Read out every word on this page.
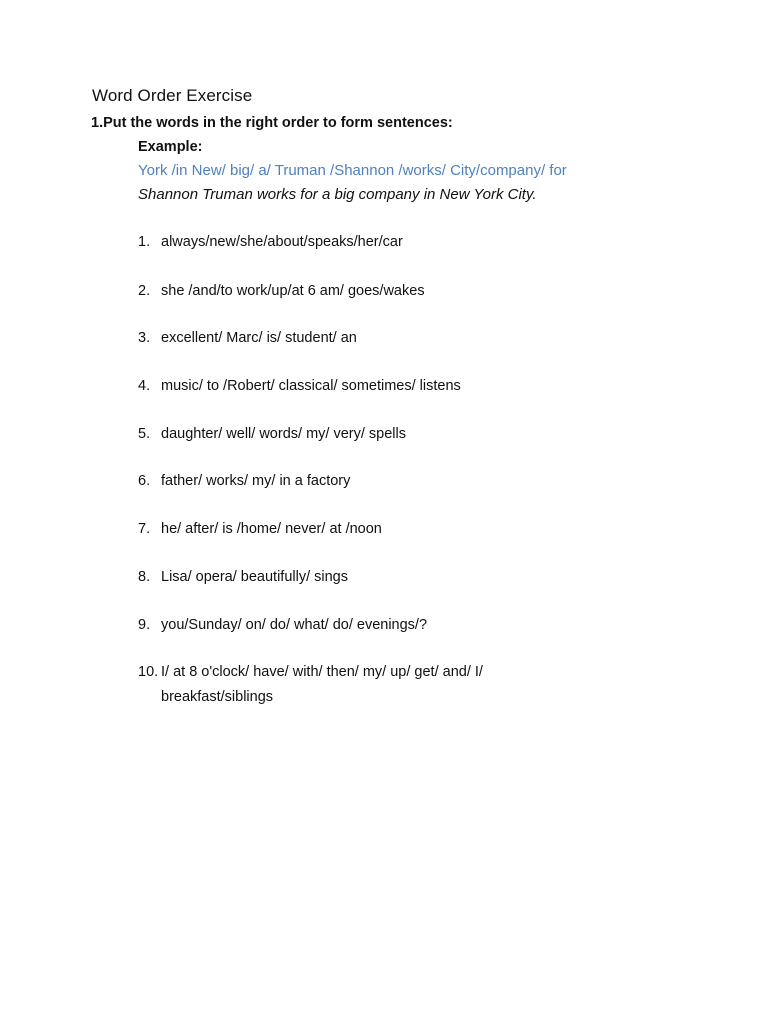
Word Order Exercise

1.Put the words in the right order to form sentences:

Example:

York /in New/ big/ a/ Truman /Shannon /works/ City/company/ for

Shannon Truman works for a big company in New York City.

1. always/new/she/about/speaks/her/car
2. she /and/to work/up/at 6 am/ goes/wakes
3. excellent/ Marc/ is/ student/ an
4. music/ to /Robert/ classical/ sometimes/ listens
5. daughter/ well/ words/ my/ very/ spells
6. father/ works/ my/ in a factory
7. he/ after/ is /home/ never/ at /noon
8. Lisa/ opera/ beautifully/ sings
9. you/Sunday/ on/ do/ what/ do/ evenings/?
10. I/ at 8 o'clock/ have/ with/ then/ my/ up/ get/ and/ I/ breakfast/siblings
